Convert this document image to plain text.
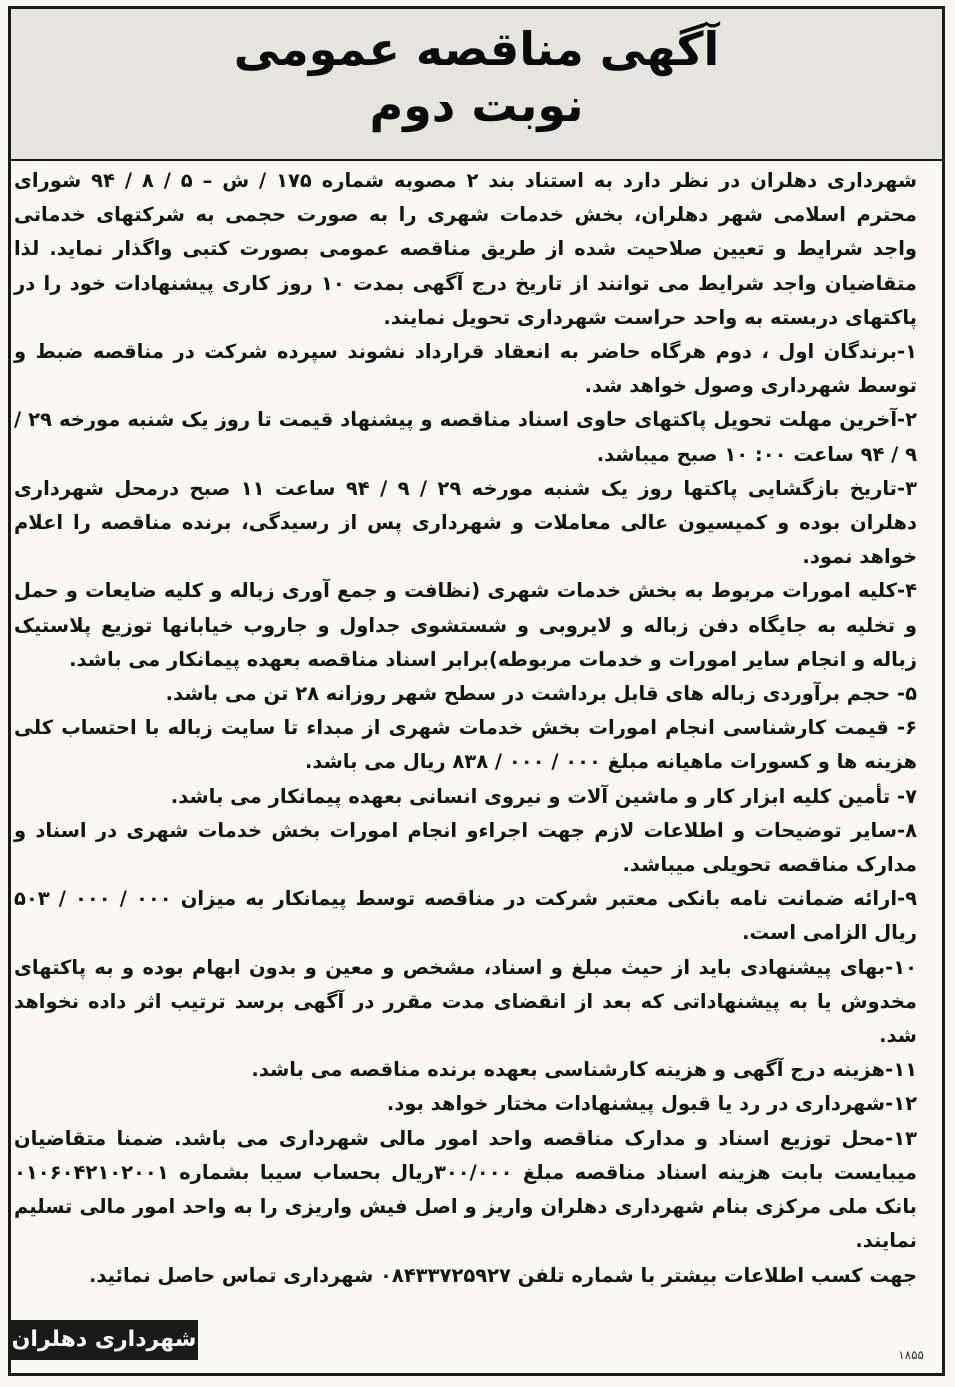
آگهی مناقصه عمومی
نوبت دوم

شهرداری دهلران در نظر دارد به استناد بند ۲ مصوبه شماره ۱۷۵ / ش – ۵ / ۸ / ۹۴ شورای محترم اسلامی شهر دهلران، بخش خدمات شهری را به صورت حجمی به شرکتهای خدماتی واجد شرایط و تعیین صلاحیت شده از طریق مناقصه عمومی بصورت کتبی واگذار نماید. لذا متقاضیان واجد شرایط می توانند از تاریخ درج آگهی بمدت ۱۰ روز کاری پیشنهادات خود را در پاکتهای دربسته به واحد حراست شهرداری تحویل نمایند.

۱-برندگان اول ، دوم هرگاه حاضر به انعقاد قرارداد نشوند سپرده شرکت در مناقصه ضبط و توسط شهرداری وصول خواهد شد.

۲-آخرین مهلت تحویل پاکتهای حاوی اسناد مناقصه و پیشنهاد قیمت تا روز یک شنبه مورخه ۲۹ / ۹ / ۹۴ ساعت ۰۰: ۱۰ صبح میباشد.

۳-تاریخ بازگشایی پاکتها روز یک شنبه مورخه ۲۹ / ۹ / ۹۴ ساعت ۱۱ صبح درمحل شهرداری دهلران بوده و کمیسیون عالی معاملات و شهرداری پس از رسیدگی، برنده مناقصه را اعلام خواهد نمود.

۴-کلیه امورات مربوط به بخش خدمات شهری (نظافت و جمع آوری زباله و کلیه ضایعات و حمل و تخلیه به جایگاه دفن زباله و لایروبی و شستشوی جداول و جاروب خیابانها توزیع پلاستیک زباله و انجام سایر امورات و خدمات مربوطه)برابر اسناد مناقصه بعهده پیمانکار می باشد.

۵- حجم برآوردی زباله های قابل برداشت در سطح شهر روزانه ۲۸ تن می باشد.

۶- قیمت کارشناسی انجام امورات بخش خدمات شهری از مبداء تا سایت زباله با احتساب کلی هزینه ها و کسورات ماهیانه مبلغ ۰۰۰ / ۰۰۰ / ۸۳۸ ریال می باشد.

۷- تأمین کلیه ابزار کار و ماشین آلات و نیروی انسانی بعهده پیمانکار می باشد.

۸-سایر توضیحات و اطلاعات لازم جهت اجراءو انجام امورات بخش خدمات شهری در اسناد و مدارک مناقصه تحویلی میباشد.

۹-ارائه ضمانت نامه بانکی معتبر شرکت در مناقصه توسط پیمانکار به میزان ۰۰۰ / ۰۰۰ / ۵۰۳ ریال الزامی است.

۱۰-بهای پیشنهادی باید از حیث مبلغ و اسناد، مشخص و معین و بدون ابهام بوده و به پاکتهای مخدوش یا به پیشنهاداتی که بعد از انقضای مدت مقرر در آگهی برسد ترتیب اثر داده نخواهد شد.

۱۱-هزینه درج آگهی و هزینه کارشناسی بعهده برنده مناقصه می باشد.

۱۲-شهرداری در رد یا قبول پیشنهادات مختار خواهد بود.

۱۳-محل توزیع اسناد و مدارک مناقصه واحد امور مالی شهرداری می باشد. ضمنا متقاضیان میبایست بابت هزینه اسناد مناقصه مبلغ ۳۰۰/۰۰۰ریال بحساب سیبا بشماره ۰۱۰۶۰۴۲۱۰۲۰۰۱ بانک ملی مرکزی بنام شهرداری دهلران واریز و اصل فیش واریزی را به واحد امور مالی تسلیم نمایند.

جهت کسب اطلاعات بیشتر با شماره تلفن ۰۸۴۳۳۷۲۵۹۲۷ شهرداری تماس حاصل نمائید.

شهرداری دهلران
۱۸۵۵
